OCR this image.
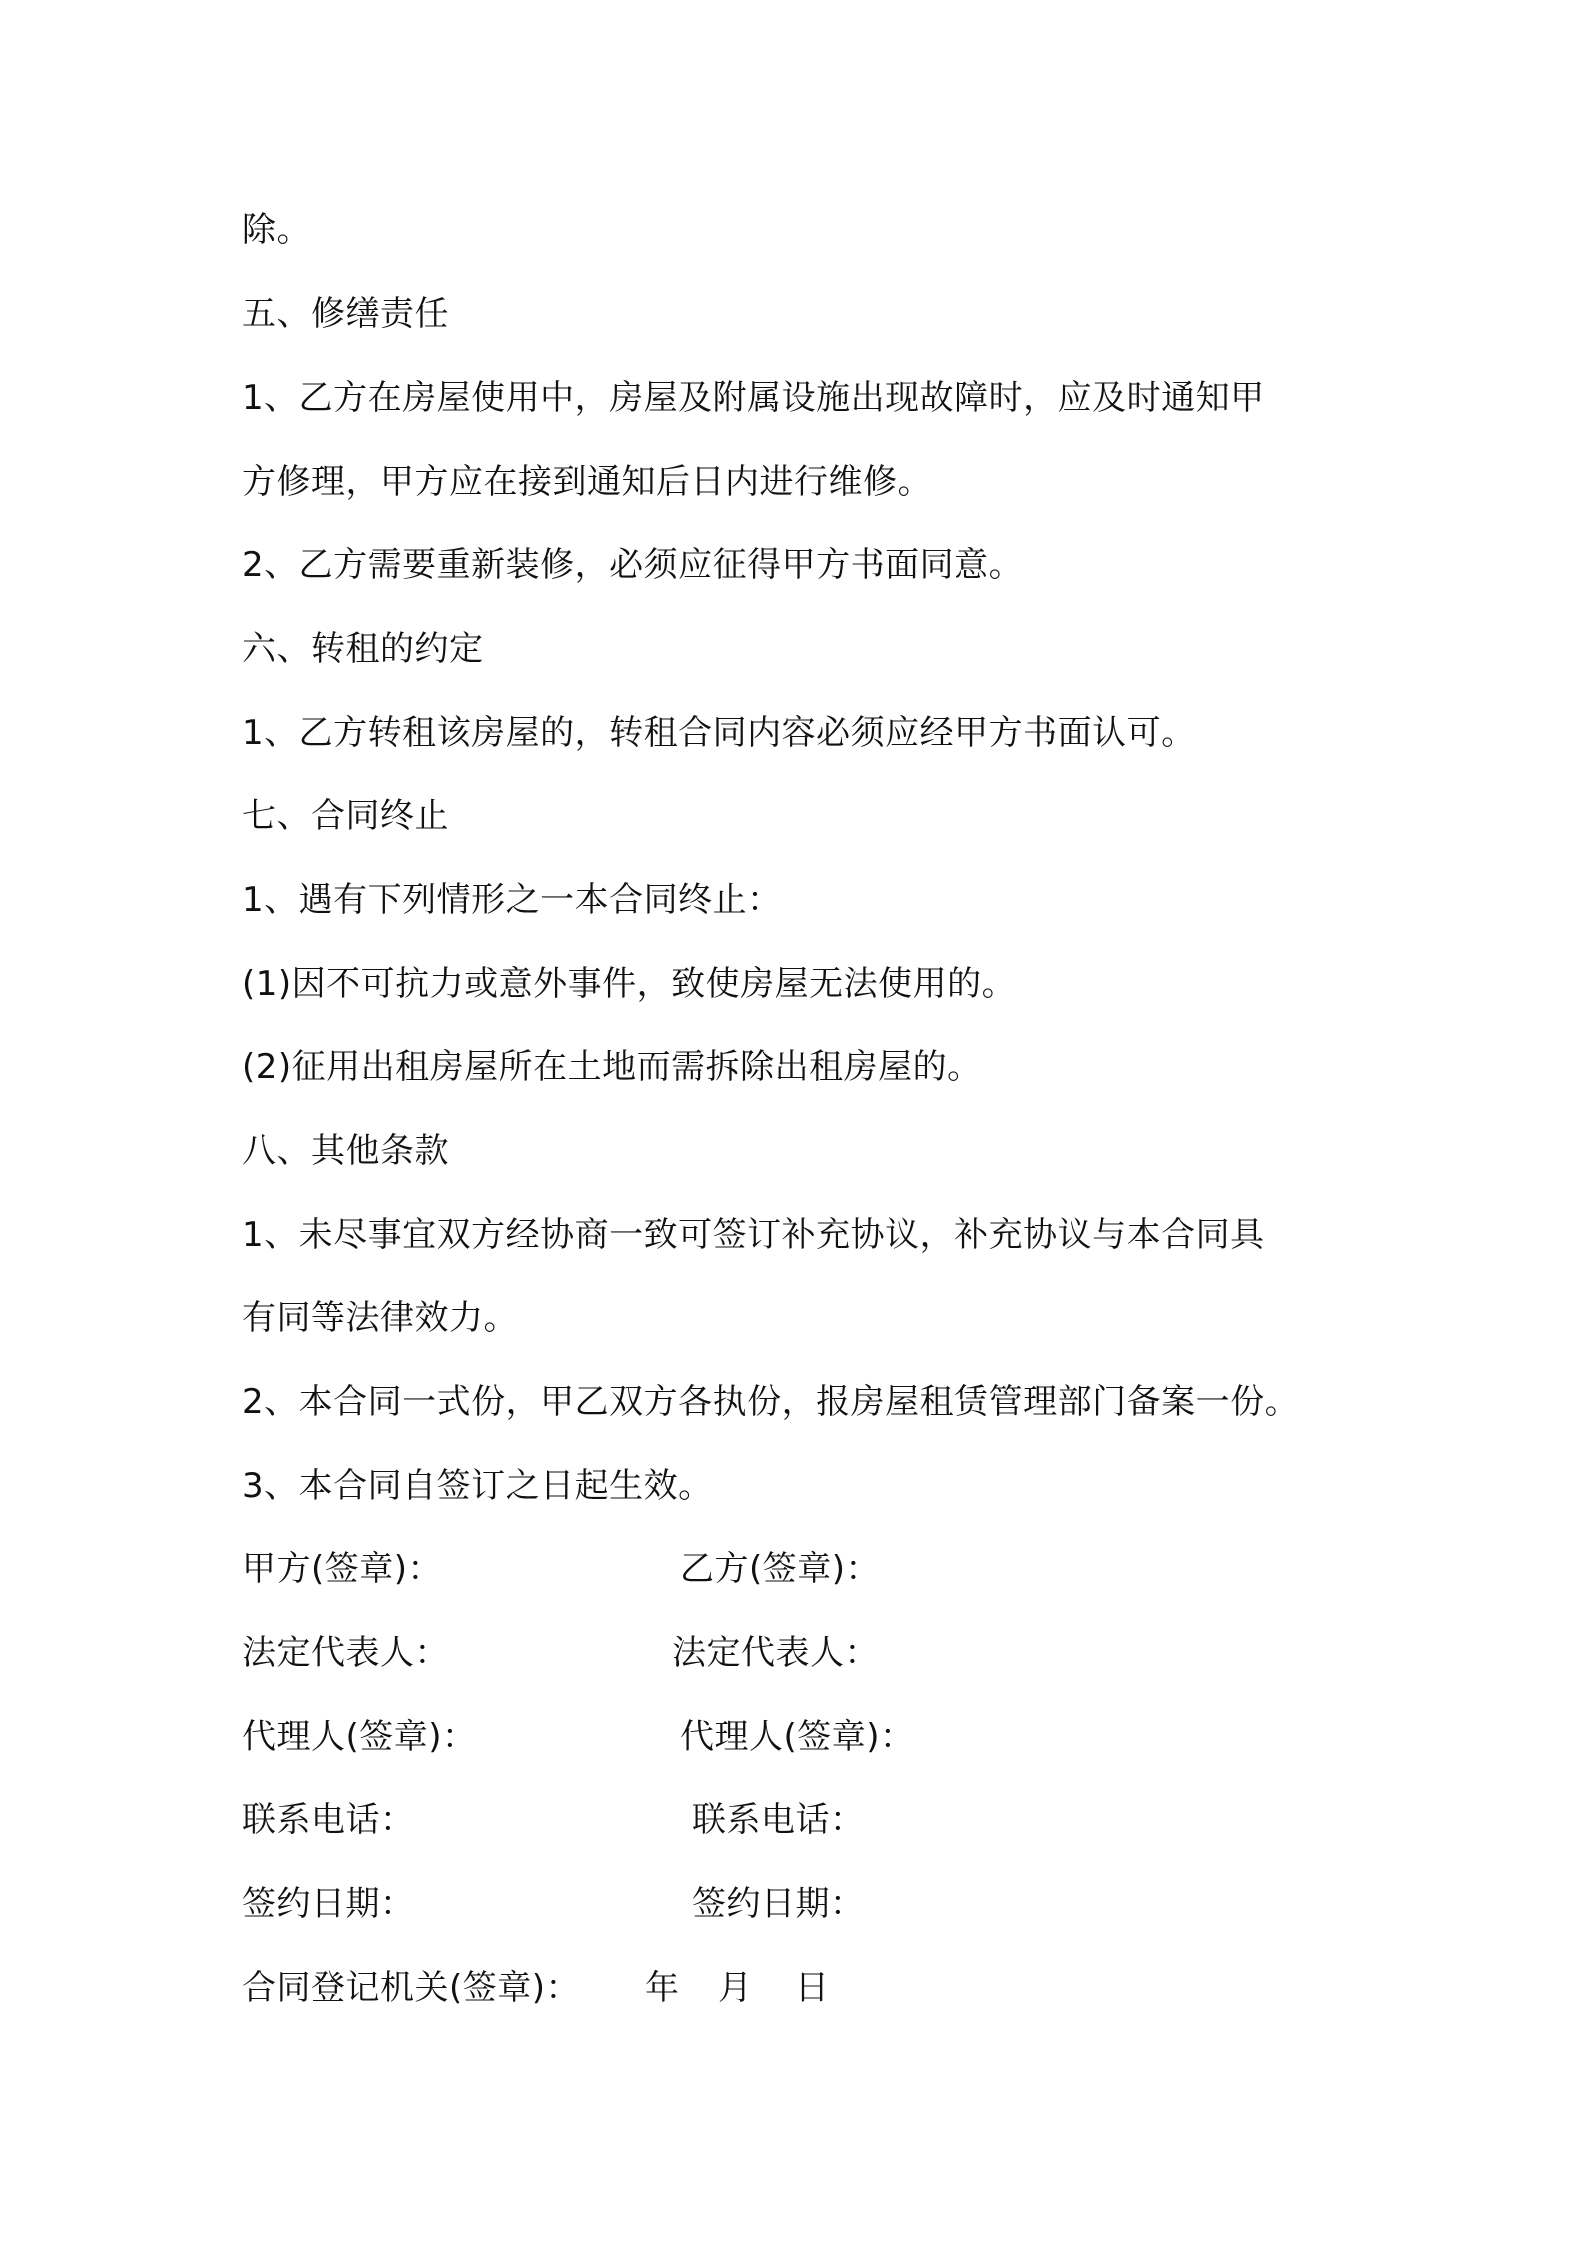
除。
五、修缮责任
1、乙方在房屋使用中，房屋及附属设施出现故障时，应及时通知甲
方修理，甲方应在接到通知后日内进行维修。
2、乙方需要重新装修，必须应征得甲方书面同意。
六、转租的约定
1、乙方转租该房屋的，转租合同内容必须应经甲方书面认可。
七、合同终止
1、遇有下列情形之一本合同终止：
(1)因不可抗力或意外事件，致使房屋无法使用的。
(2)征用出租房屋所在土地而需拆除出租房屋的。
八、其他条款
1、未尽事宜双方经协商一致可签订补充协议，补充协议与本合同具
有同等法律效力。
2、本合同一式份，甲乙双方各执份，报房屋租赁管理部门备案一份。
3、本合同自签订之日起生效。
甲方(签章)：	乙方(签章)：
法定代表人：	法定代表人：
代理人(签章)：	代理人(签章)：
联系电话：	联系电话：
签约日期：	签约日期：
合同登记机关(签章)： 年 月 日
